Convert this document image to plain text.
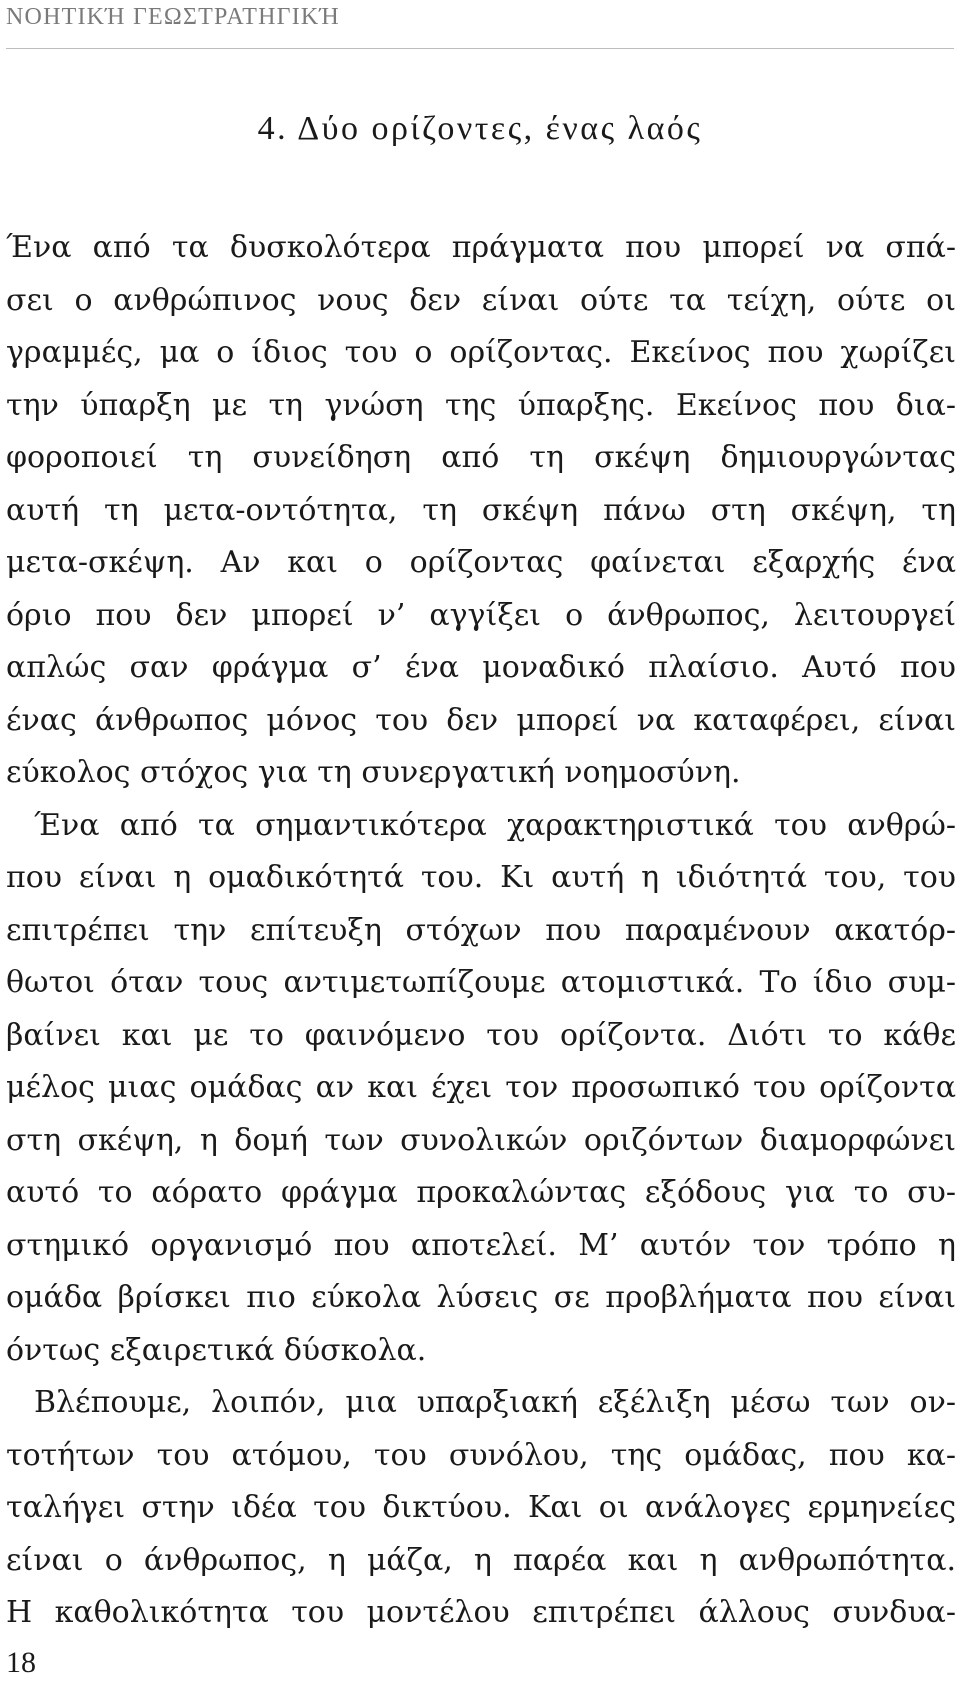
ΝΟΗΤΙΚΉ ΓΕΩΣΤΡΑΤΗΓΙΚΉ
4. Δύο ορίζοντες, ένας λαός
Ένα από τα δυσκολότερα πράγματα που μπορεί να σπά-
σει ο ανθρώπινος νους δεν είναι ούτε τα τείχη, ούτε οι
γραμμές, μα ο ίδιος του ο ορίζοντας. Εκείνος που χωρίζει
την ύπαρξη με τη γνώση της ύπαρξης. Εκείνος που δια-
φοροποιεί τη συνείδηση από τη σκέψη δημιουργώντας
αυτή τη μετα-οντότητα, τη σκέψη πάνω στη σκέψη, τη
μετα-σκέψη. Αν και ο ορίζοντας φαίνεται εξαρχής ένα
όριο που δεν μπορεί ν’ αγγίξει ο άνθρωπος, λειτουργεί
απλώς σαν φράγμα σ’ ένα μοναδικό πλαίσιο. Αυτό που
ένας άνθρωπος μόνος του δεν μπορεί να καταφέρει, είναι
εύκολος στόχος για τη συνεργατική νοημοσύνη.
Ένα από τα σημαντικότερα χαρακτηριστικά του ανθρώ-
που είναι η ομαδικότητά του. Κι αυτή η ιδιότητά του, του
επιτρέπει την επίτευξη στόχων που παραμένουν ακατόρ-
θωτοι όταν τους αντιμετωπίζουμε ατομιστικά. Το ίδιο συμ-
βαίνει και με το φαινόμενο του ορίζοντα. Διότι το κάθε
μέλος μιας ομάδας αν και έχει τον προσωπικό του ορίζοντα
στη σκέψη, η δομή των συνολικών οριζόντων διαμορφώνει
αυτό το αόρατο φράγμα προκαλώντας εξόδους για το συ-
στημικό οργανισμό που αποτελεί. Μ’ αυτόν τον τρόπο η
ομάδα βρίσκει πιο εύκολα λύσεις σε προβλήματα που είναι
όντως εξαιρετικά δύσκολα.
Βλέπουμε, λοιπόν, μια υπαρξιακή εξέλιξη μέσω των ον-
τοτήτων του ατόμου, του συνόλου, της ομάδας, που κα-
ταλήγει στην ιδέα του δικτύου. Και οι ανάλογες ερμηνείες
είναι ο άνθρωπος, η μάζα, η παρέα και η ανθρωπότητα.
Η καθολικότητα του μοντέλου επιτρέπει άλλους συνδυα-
18
